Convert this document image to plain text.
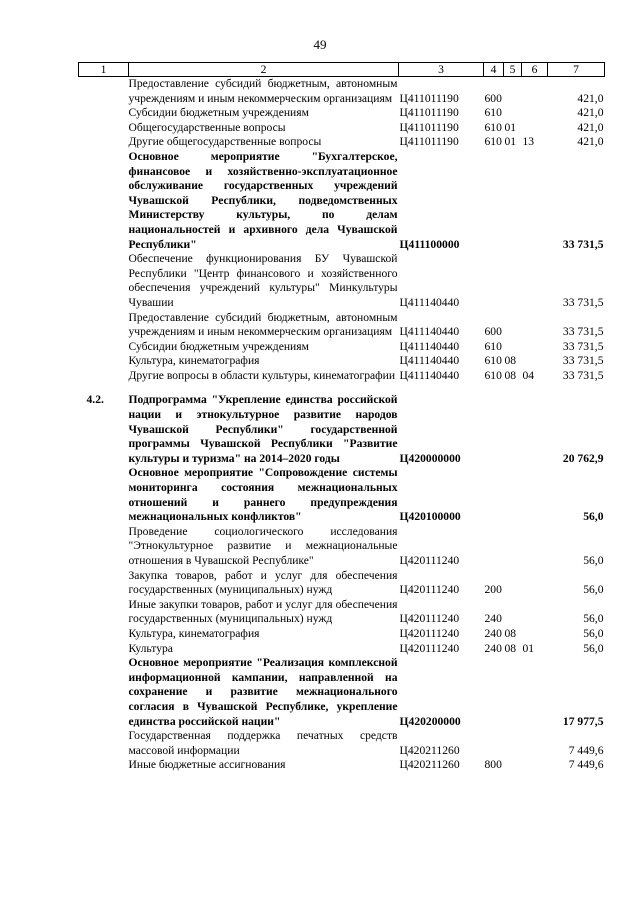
49
1	2	3	4	5	6	7
	Предоставление субсидий бюджетным, автономным учреждениям и иным некоммерческим организациям	Ц411011190	600			421,0
	Субсидии бюджетным учреждениям	Ц411011190	610			421,0
	Общегосударственные вопросы	Ц411011190	610	01		421,0
	Другие общегосударственные вопросы	Ц411011190	610	01	13	421,0
	Основное мероприятие "Бухгалтерское, финансовое и хозяйственно-эксплуатационное обслуживание государственных учреждений Чувашской Республики, подведомственных Министерству культуры, по делам национальностей и архивного дела Чувашской Республики"	Ц411100000				33 731,5
	Обеспечение функционирования БУ Чувашской Республики "Центр финансового и хозяйственного обеспечения учреждений культуры" Минкультуры Чувашии	Ц411140440				33 731,5
	Предоставление субсидий бюджетным, автономным учреждениям и иным некоммерческим организациям	Ц411140440	600			33 731,5
	Субсидии бюджетным учреждениям	Ц411140440	610			33 731,5
	Культура, кинематография	Ц411140440	610	08		33 731,5
	Другие вопросы в области культуры, кинематографии	Ц411140440	610	08	04	33 731,5

4.2.	Подпрограмма "Укрепление единства российской нации и этнокультурное развитие народов Чувашской Республики" государственной программы Чувашской Республики "Развитие культуры и туризма" на 2014–2020 годы	Ц420000000				20 762,9
	Основное мероприятие "Сопровождение системы мониторинга состояния межнациональных отношений и раннего предупреждения межнациональных конфликтов"	Ц420100000				56,0
	Проведение социологического исследования "Этнокультурное развитие и межнациональные отношения в Чувашской Республике"	Ц420111240				56,0
	Закупка товаров, работ и услуг для обеспечения государственных (муниципальных) нужд	Ц420111240	200			56,0
	Иные закупки товаров, работ и услуг для обеспечения государственных (муниципальных) нужд	Ц420111240	240			56,0
	Культура, кинематография	Ц420111240	240	08		56,0
	Культура	Ц420111240	240	08	01	56,0
	Основное мероприятие "Реализация комплексной информационной кампании, направленной на сохранение и развитие межнационального согласия в Чувашской Республике, укрепление единства российской нации"	Ц420200000				17 977,5
	Государственная поддержка печатных средств массовой информации	Ц420211260				7 449,6
	Иные бюджетные ассигнования	Ц420211260	800			7 449,6
